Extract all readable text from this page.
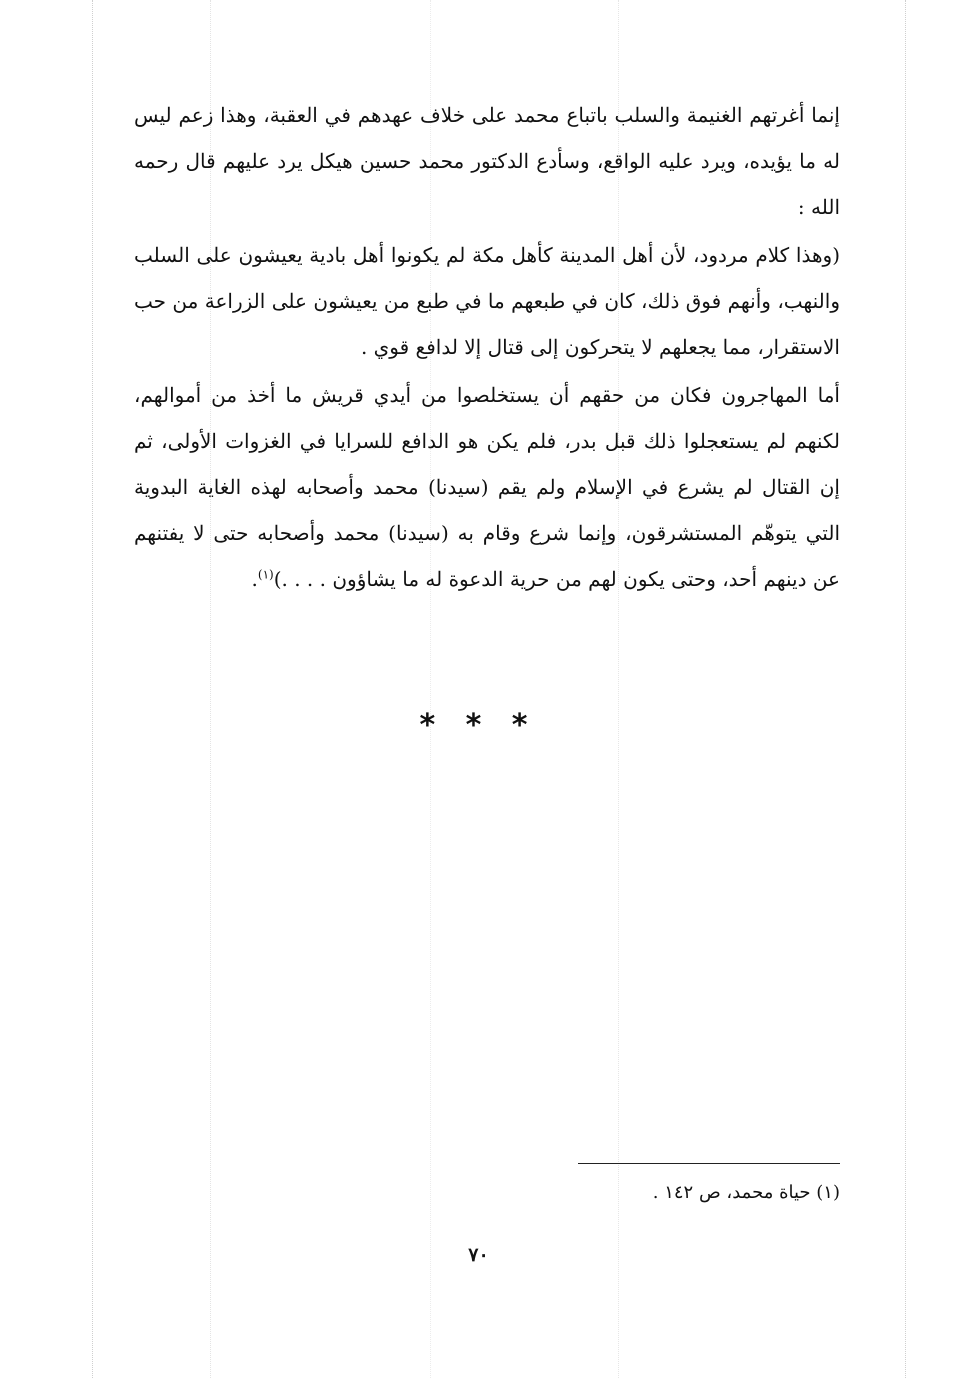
إنما أغرتهم الغنيمة والسلب باتباع محمد على خلاف عهدهم في العقبة، وهذا زعم ليس له ما يؤيده، ويرد عليه الواقع، وسأدع الدكتور محمد حسين هيكل يرد عليهم قال رحمه الله :

(وهذا كلام مردود، لأن أهل المدينة كأهل مكة لم يكونوا أهل بادية يعيشون على السلب والنهب، وأنهم فوق ذلك، كان في طبعهم ما في طبع من يعيشون على الزراعة من حب الاستقرار، مما يجعلهم لا يتحركون إلى قتال إلا لدافع قوي .

أما المهاجرون فكان من حقهم أن يستخلصوا من أيدي قريش ما أخذ من أموالهم، لكنهم لم يستعجلوا ذلك قبل بدر، فلم يكن هو الدافع للسرايا في الغزوات الأولى، ثم إن القتال لم يشرع في الإسلام ولم يقم (سيدنا) محمد وأصحابه لهذه الغاية البدوية التي يتوهّم المستشرقون، وإنما شرع وقام به (سيدنا) محمد وأصحابه حتى لا يفتنهم عن دينهم أحد، وحتى يكون لهم من حرية الدعوة له ما يشاؤون . . . .)$^{(١)}$.

* * *
(١) حياة محمد، ص ١٤٢ .
٧٠
